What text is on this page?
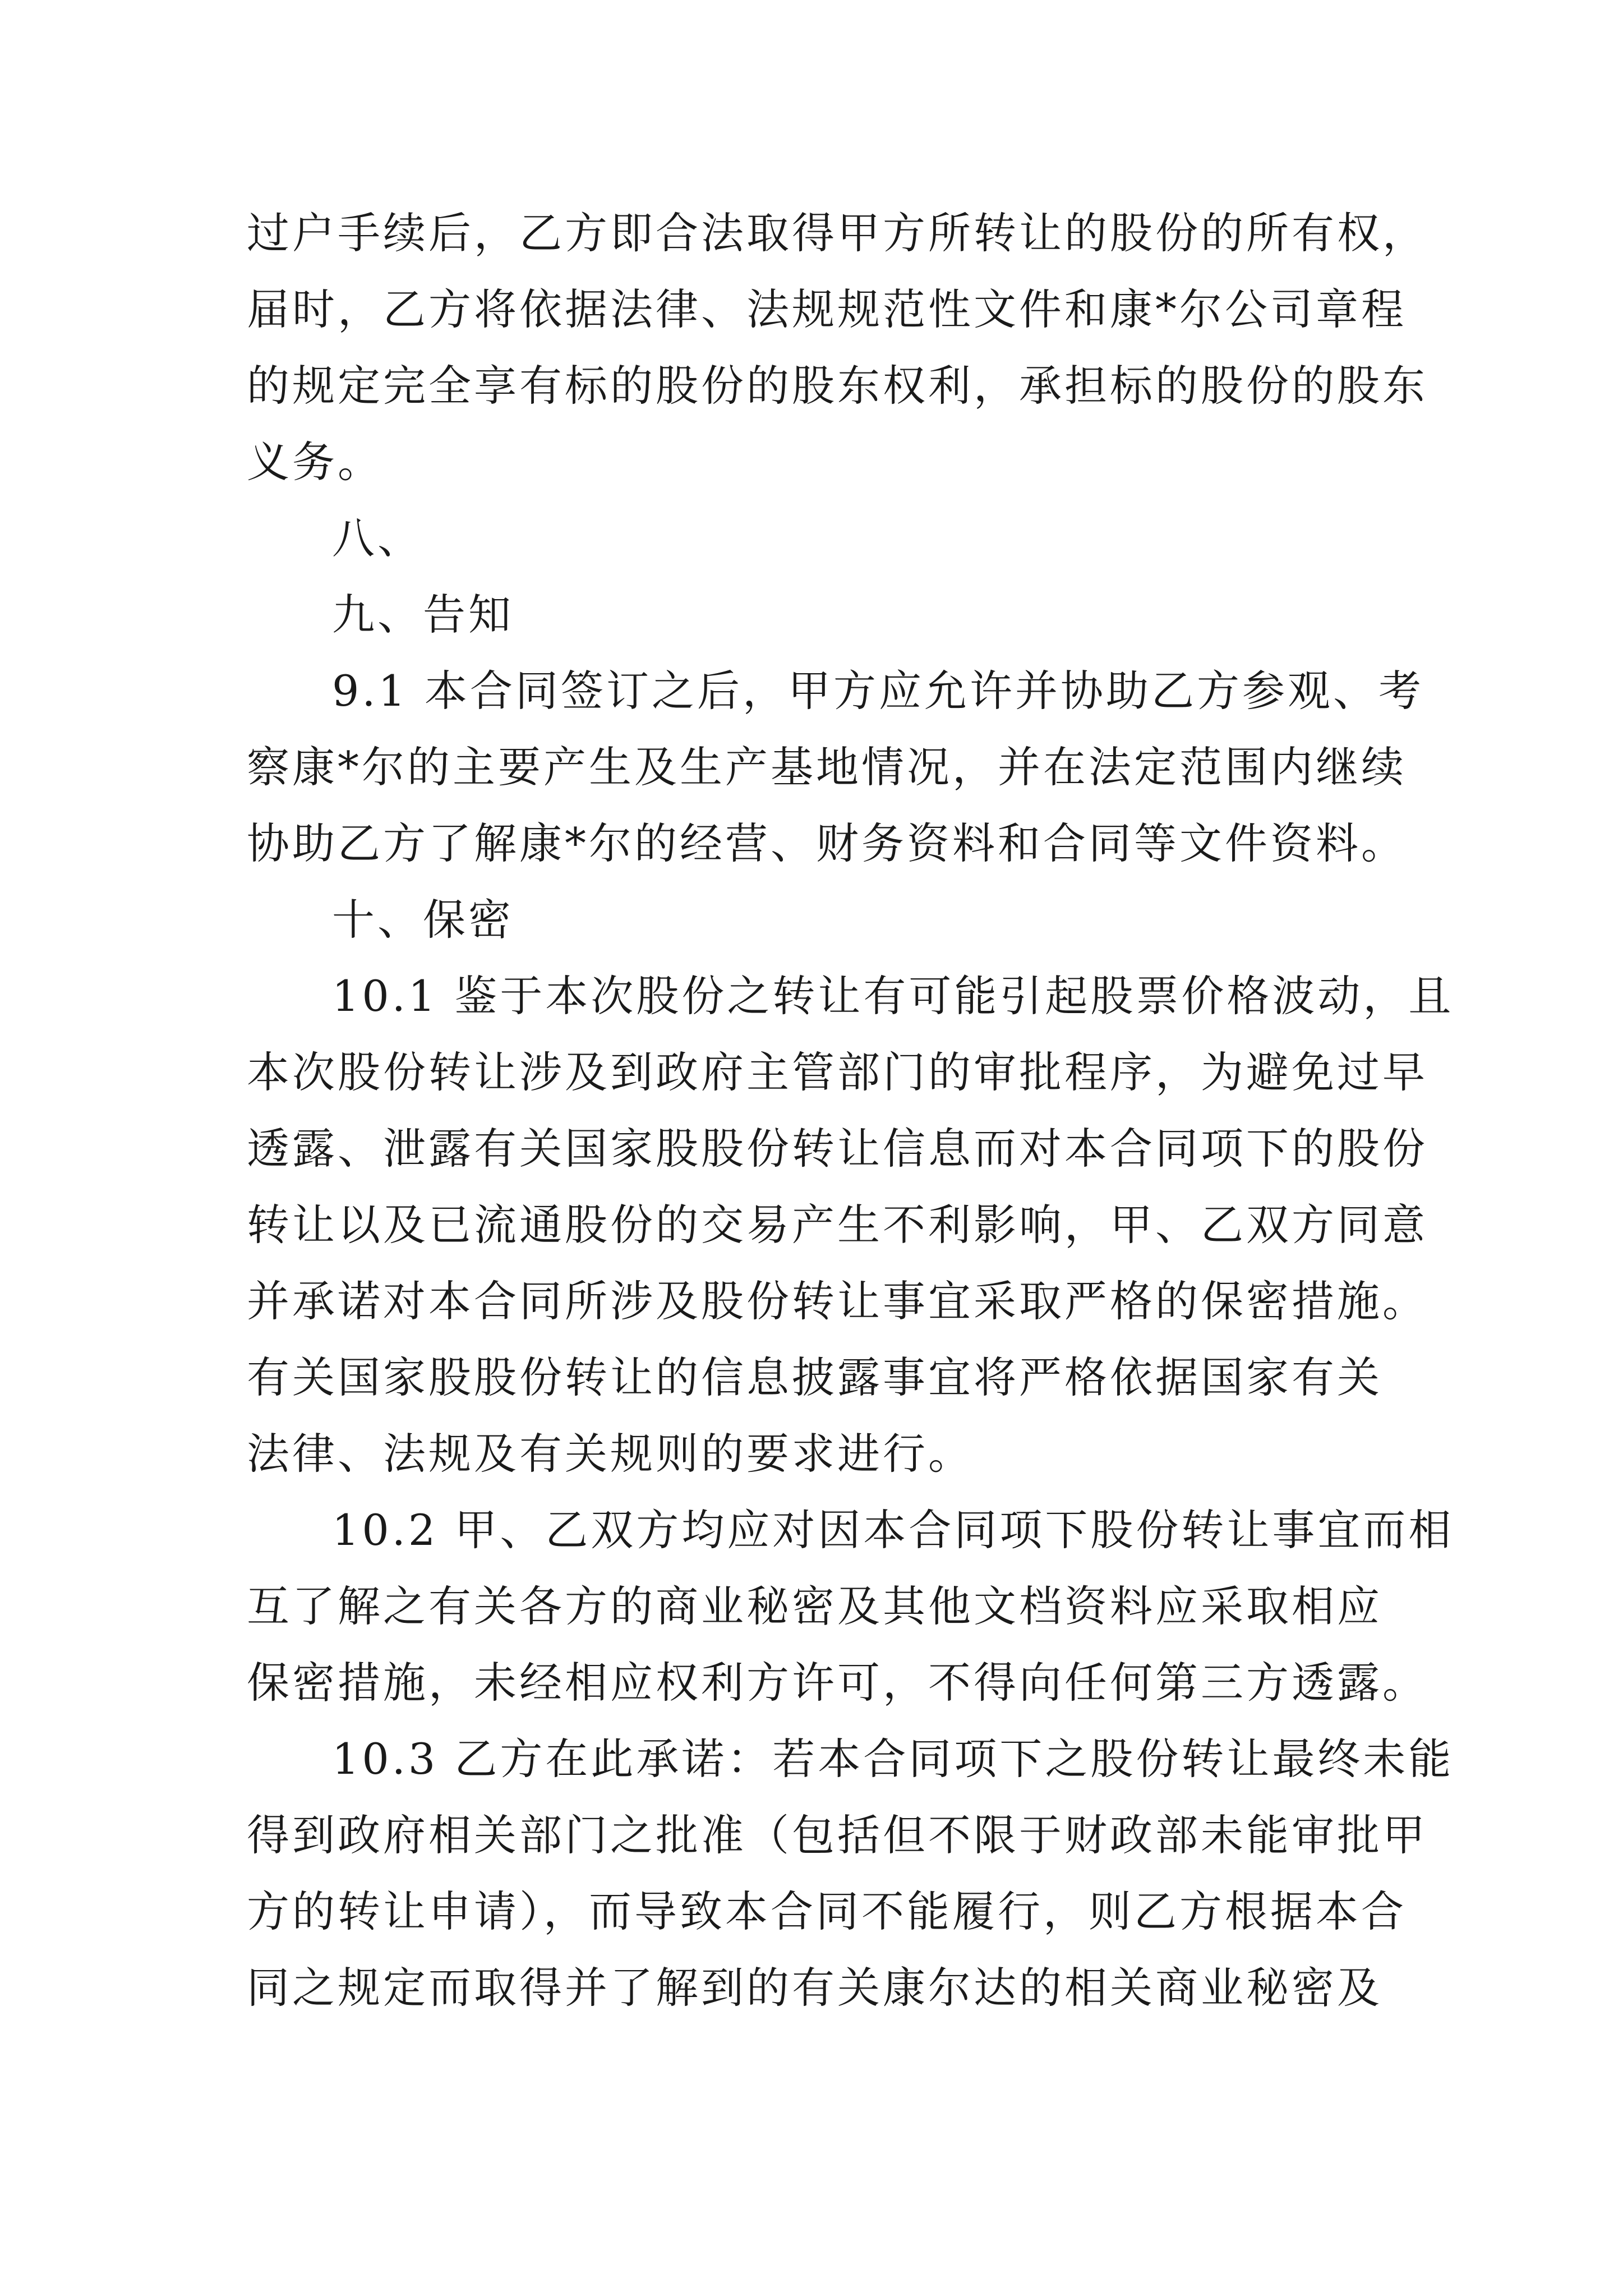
过户手续后，乙方即合法取得甲方所转让的股份的所有权，
届时，乙方将依据法律、法规规范性文件和康*尔公司章程
的规定完全享有标的股份的股东权利，承担标的股份的股东
义务。
八、
九、告知
9.1 本合同签订之后，甲方应允许并协助乙方参观、考
察康*尔的主要产生及生产基地情况，并在法定范围内继续
协助乙方了解康*尔的经营、财务资料和合同等文件资料。
十、保密
10.1 鉴于本次股份之转让有可能引起股票价格波动，且
本次股份转让涉及到政府主管部门的审批程序，为避免过早
透露、泄露有关国家股股份转让信息而对本合同项下的股份
转让以及已流通股份的交易产生不利影响，甲、乙双方同意
并承诺对本合同所涉及股份转让事宜采取严格的保密措施。
有关国家股股份转让的信息披露事宜将严格依据国家有关
法律、法规及有关规则的要求进行。
10.2 甲、乙双方均应对因本合同项下股份转让事宜而相
互了解之有关各方的商业秘密及其他文档资料应采取相应
保密措施，未经相应权利方许可，不得向任何第三方透露。
10.3 乙方在此承诺：若本合同项下之股份转让最终未能
得到政府相关部门之批准（包括但不限于财政部未能审批甲
方的转让申请），而导致本合同不能履行，则乙方根据本合
同之规定而取得并了解到的有关康尔达的相关商业秘密及
